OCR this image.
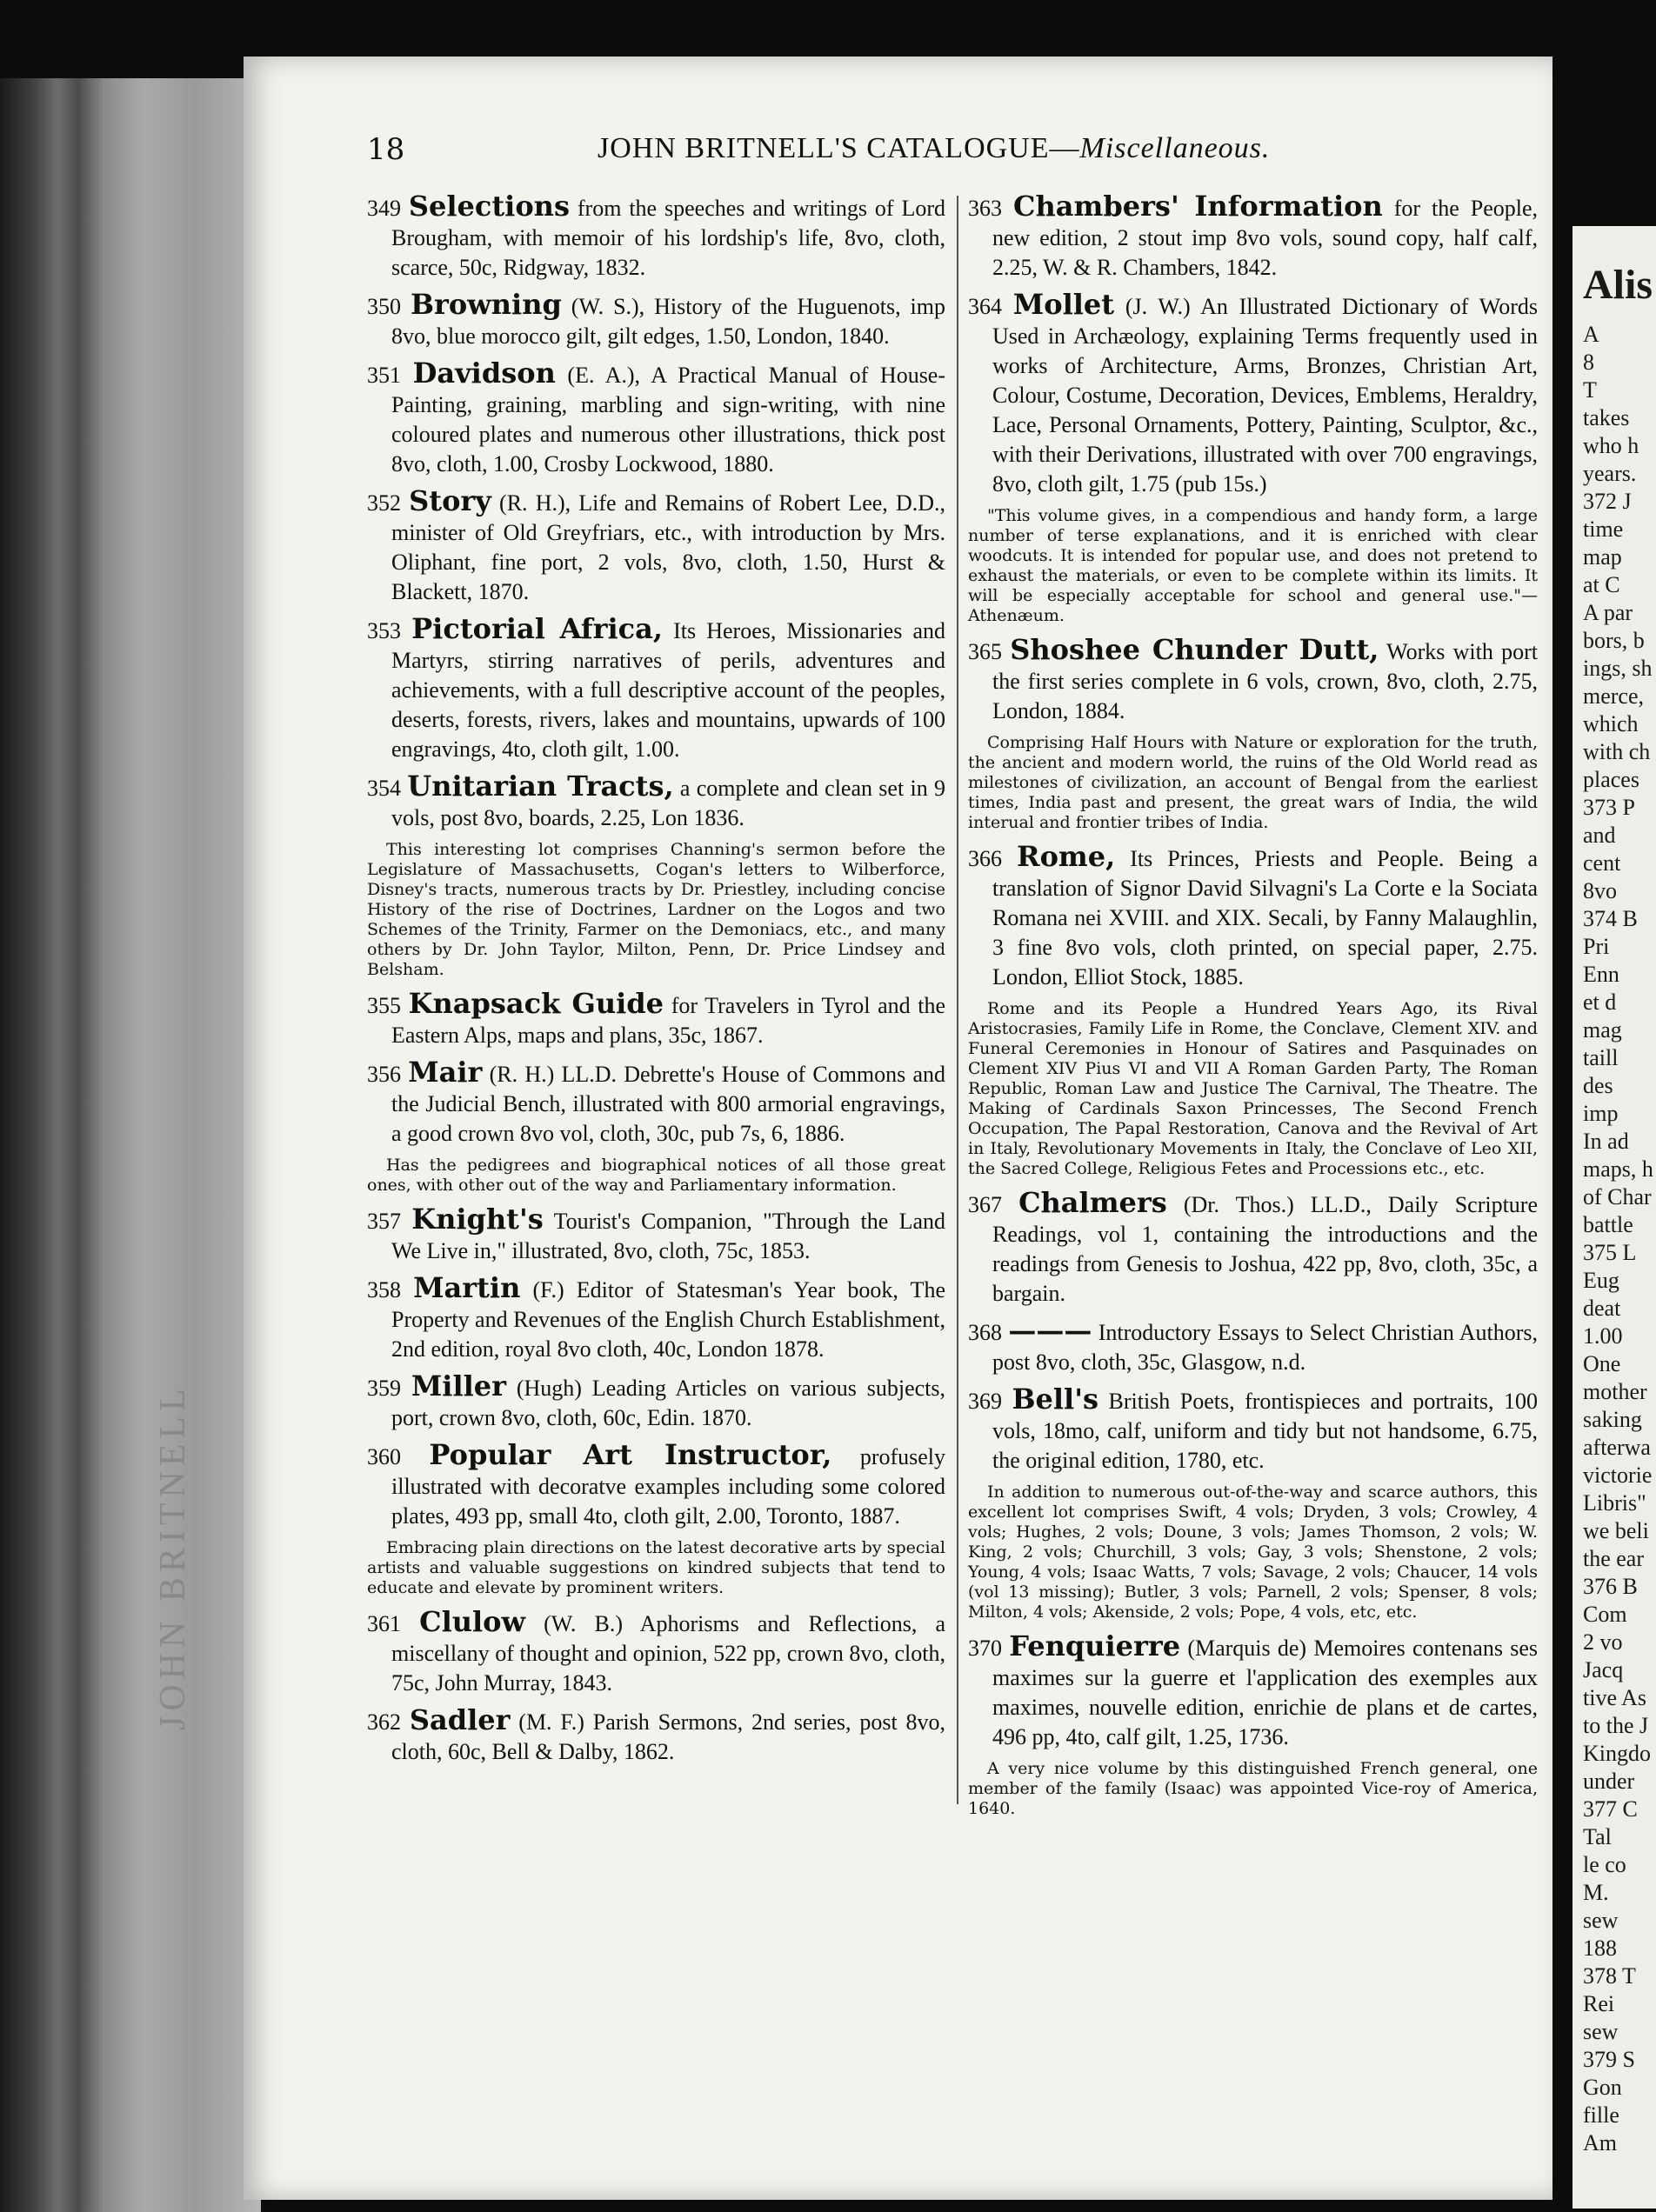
JOHN BRITNELL
18	JOHN BRITNELL'S CATALOGUE—Miscellaneous.
349 Selections from the speeches and writings of Lord Brougham, with memoir of his lordship's life, 8vo, cloth, scarce, 50c, Ridgway, 1832.
350 Browning (W. S.), History of the Huguenots, imp 8vo, blue morocco gilt, gilt edges, 1.50, London, 1840.
351 Davidson (E. A.), A Practical Manual of House-Painting, graining, marbling and sign-writing, with nine coloured plates and numerous other illustrations, thick post 8vo, cloth, 1.00, Crosby Lockwood, 1880.
352 Story (R. H.), Life and Remains of Robert Lee, D.D., minister of Old Greyfriars, etc., with introduction by Mrs. Oliphant, fine port, 2 vols, 8vo, cloth, 1.50, Hurst & Blackett, 1870.
353 Pictorial Africa, Its Heroes, Missionaries and Martyrs, stirring narratives of perils, adventures and achievements, with a full descriptive account of the peoples, deserts, forests, rivers, lakes and mountains, upwards of 100 engravings, 4to, cloth gilt, 1.00.
354 Unitarian Tracts, a complete and clean set in 9 vols, post 8vo, boards, 2.25, Lon 1836.
This interesting lot comprises Channing's sermon before the Legislature of Massachusetts, Cogan's letters to Wilberforce, Disney's tracts, numerous tracts by Dr. Priestley, including concise History of the rise of Doctrines, Lardner on the Logos and two Schemes of the Trinity, Farmer on the Demoniacs, etc., and many others by Dr. John Taylor, Milton, Penn, Dr. Price Lindsey and Belsham.
355 Knapsack Guide for Travelers in Tyrol and the Eastern Alps, maps and plans, 35c, 1867.
356 Mair (R. H.) LL.D. Debrette's House of Commons and the Judicial Bench, illustrated with 800 armorial engravings, a good crown 8vo vol, cloth, 30c, pub 7s, 6, 1886.
Has the pedigrees and biographical notices of all those great ones, with other out of the way and Parliamentary information.
357 Knight's Tourist's Companion, "Through the Land We Live in," illustrated, 8vo, cloth, 75c, 1853.
358 Martin (F.) Editor of Statesman's Year book, The Property and Revenues of the English Church Establishment, 2nd edition, royal 8vo cloth, 40c, London 1878.
359 Miller (Hugh) Leading Articles on various subjects, port, crown 8vo, cloth, 60c, Edin. 1870.
360 Popular Art Instructor, profusely illustrated with decoratve examples including some colored plates, 493 pp, small 4to, cloth gilt, 2.00, Toronto, 1887.
Embracing plain directions on the latest decorative arts by special artists and valuable suggestions on kindred subjects that tend to educate and elevate by prominent writers.
361 Clulow (W. B.) Aphorisms and Reflections, a miscellany of thought and opinion, 522 pp, crown 8vo, cloth, 75c, John Murray, 1843.
362 Sadler (M. F.) Parish Sermons, 2nd series, post 8vo, cloth, 60c, Bell & Dalby, 1862.
363 Chambers' Information for the People, new edition, 2 stout imp 8vo vols, sound copy, half calf, 2.25, W. & R. Chambers, 1842.
364 Mollet (J. W.) An Illustrated Dictionary of Words Used in Archæology, explaining Terms frequently used in works of Architecture, Arms, Bronzes, Christian Art, Colour, Costume, Decoration, Devices, Emblems, Heraldry, Lace, Personal Ornaments, Pottery, Painting, Sculptor, &c., with their Derivations, illustrated with over 700 engravings, 8vo, cloth gilt, 1.75 (pub 15s.)
"This volume gives, in a compendious and handy form, a large number of terse explanations, and it is enriched with clear woodcuts. It is intended for popular use, and does not pretend to exhaust the materials, or even to be complete within its limits. It will be especially acceptable for school and general use."—Athenæum.
365 Shoshee Chunder Dutt, Works with port the first series complete in 6 vols, crown, 8vo, cloth, 2.75, London, 1884.
Comprising Half Hours with Nature or exploration for the truth, the ancient and modern world, the ruins of the Old World read as milestones of civilization, an account of Bengal from the earliest times, India past and present, the great wars of India, the wild interual and frontier tribes of India.
366 Rome, Its Princes, Priests and People. Being a translation of Signor David Silvagni's La Corte e la Sociata Romana nei XVIII. and XIX. Secali, by Fanny Malaughlin, 3 fine 8vo vols, cloth printed, on special paper, 2.75. London, Elliot Stock, 1885.
Rome and its People a Hundred Years Ago, its Rival Aristocrasies, Family Life in Rome, the Conclave, Clement XIV. and Funeral Ceremonies in Honour of Satires and Pasquinades on Clement XIV Pius VI and VII A Roman Garden Party, The Roman Republic, Roman Law and Justice The Carnival, The Theatre. The Making of Cardinals Saxon Princesses, The Second French Occupation, The Papal Restoration, Canova and the Revival of Art in Italy, Revolutionary Movements in Italy, the Conclave of Leo XII, the Sacred College, Religious Fetes and Processions etc., etc.
367 Chalmers (Dr. Thos.) LL.D., Daily Scripture Readings, vol 1, containing the introductions and the readings from Genesis to Joshua, 422 pp, 8vo, cloth, 35c, a bargain.
368 ——— Introductory Essays to Select Christian Authors, post 8vo, cloth, 35c, Glasgow, n.d.
369 Bell's British Poets, frontispieces and portraits, 100 vols, 18mo, calf, uniform and tidy but not handsome, 6.75, the original edition, 1780, etc.
In addition to numerous out-of-the-way and scarce authors, this excellent lot comprises Swift, 4 vols; Dryden, 3 vols; Crowley, 4 vols; Hughes, 2 vols; Doune, 3 vols; James Thomson, 2 vols; W. King, 2 vols; Churchill, 3 vols; Gay, 3 vols; Shenstone, 2 vols; Young, 4 vols; Isaac Watts, 7 vols; Savage, 2 vols; Chaucer, 14 vols (vol 13 missing); Butler, 3 vols; Parnell, 2 vols; Spenser, 8 vols; Milton, 4 vols; Akenside, 2 vols; Pope, 4 vols, etc, etc.
370 Fenquierre (Marquis de) Memoires contenans ses maximes sur la guerre et l'application des exemples aux maximes, nouvelle edition, enrichie de plans et de cartes, 496 pp, 4to, calf gilt, 1.25, 1736.
A very nice volume by this distinguished French general, one member of the family (Isaac) was appointed Vice-roy of America, 1640.
Alis
A
8
T
takes
who h
years.
372 J
time
map
at C
A par
bors, b
ings, sh
merce,
which
with ch
places
373 P
and
cent
8vo
374 B
Pri
Enn
et d
mag
taill
des
imp
In ad
maps, h
of Char
battle
375 L
Eug
deat
1.00
One
mother
saking
afterwa
victorie
Libris"
we beli
the ear
376 B
Com
2 vo
Jacq
tive As
to the J
Kingdo
under
377 C
Tal
le co
M.
sew
188
378 T
Rei
sew
379 S
Gon
fille
Am
